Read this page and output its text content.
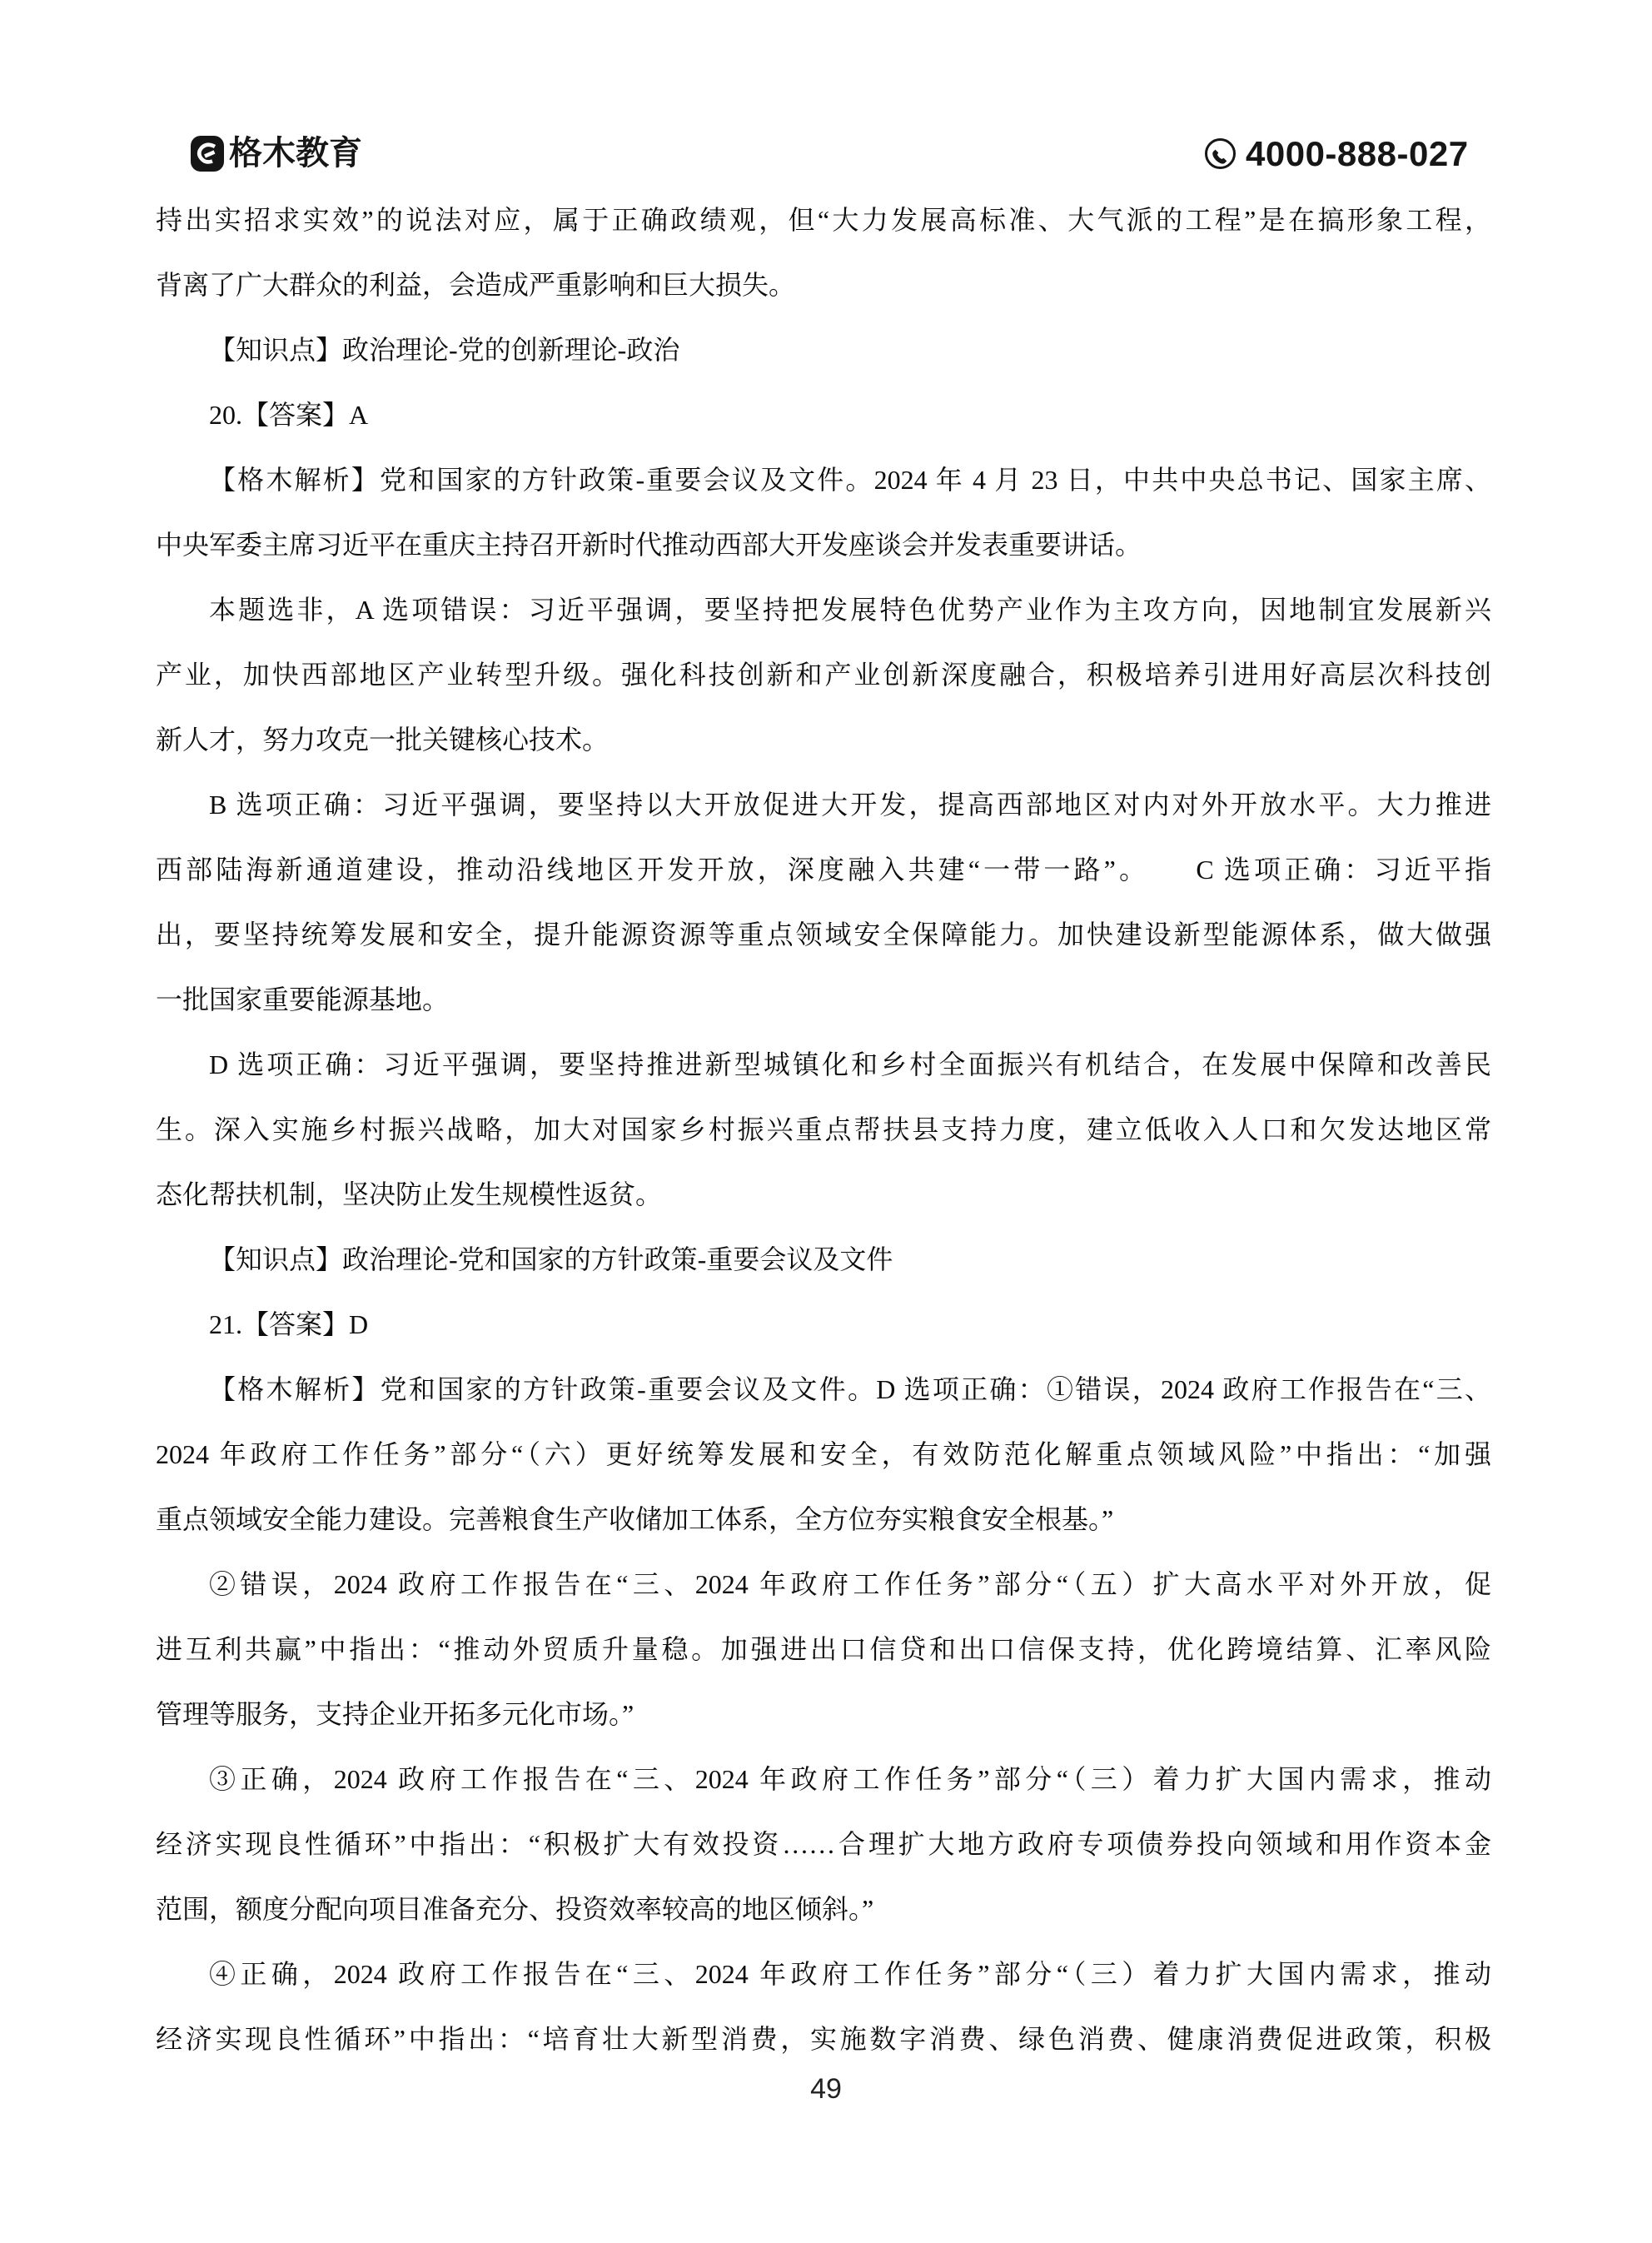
格木教育	4000-888-027

持出实招求实效”的说法对应，属于正确政绩观，但“大力发展高标准、大气派的工程”是在搞形象工程，

背离了广大群众的利益，会造成严重影响和巨大损失。

【知识点】政治理论-党的创新理论-政治

20.【答案】A

【格木解析】党和国家的方针政策-重要会议及文件。2024 年 4 月 23 日，中共中央总书记、国家主席、

中央军委主席习近平在重庆主持召开新时代推动西部大开发座谈会并发表重要讲话。

本题选非，A 选项错误：习近平强调，要坚持把发展特色优势产业作为主攻方向，因地制宜发展新兴

产业，加快西部地区产业转型升级。强化科技创新和产业创新深度融合，积极培养引进用好高层次科技创

新人才，努力攻克一批关键核心技术。

B 选项正确：习近平强调，要坚持以大开放促进大开发，提高西部地区对内对外开放水平。大力推进

西部陆海新通道建设，推动沿线地区开发开放，深度融入共建“一带一路”。　　C 选项正确：习近平指

出，要坚持统筹发展和安全，提升能源资源等重点领域安全保障能力。加快建设新型能源体系，做大做强

一批国家重要能源基地。

D 选项正确：习近平强调，要坚持推进新型城镇化和乡村全面振兴有机结合，在发展中保障和改善民

生。深入实施乡村振兴战略，加大对国家乡村振兴重点帮扶县支持力度，建立低收入人口和欠发达地区常

态化帮扶机制，坚决防止发生规模性返贫。

【知识点】政治理论-党和国家的方针政策-重要会议及文件

21.【答案】D

【格木解析】党和国家的方针政策-重要会议及文件。D 选项正确：①错误，2024 政府工作报告在“三、

2024 年政府工作任务”部分“（六）更好统筹发展和安全，有效防范化解重点领域风险”中指出：“加强

重点领域安全能力建设。完善粮食生产收储加工体系，全方位夯实粮食安全根基。”

②错误，2024 政府工作报告在“三、2024 年政府工作任务”部分“（五）扩大高水平对外开放，促

进互利共赢”中指出：“推动外贸质升量稳。加强进出口信贷和出口信保支持，优化跨境结算、汇率风险

管理等服务，支持企业开拓多元化市场。”

③正确，2024 政府工作报告在“三、2024 年政府工作任务”部分“（三）着力扩大国内需求，推动

经济实现良性循环”中指出：“积极扩大有效投资……合理扩大地方政府专项债券投向领域和用作资本金

范围，额度分配向项目准备充分、投资效率较高的地区倾斜。”

④正确，2024 政府工作报告在“三、2024 年政府工作任务”部分“（三）着力扩大国内需求，推动

经济实现良性循环”中指出：“培育壮大新型消费，实施数字消费、绿色消费、健康消费促进政策，积极

49
